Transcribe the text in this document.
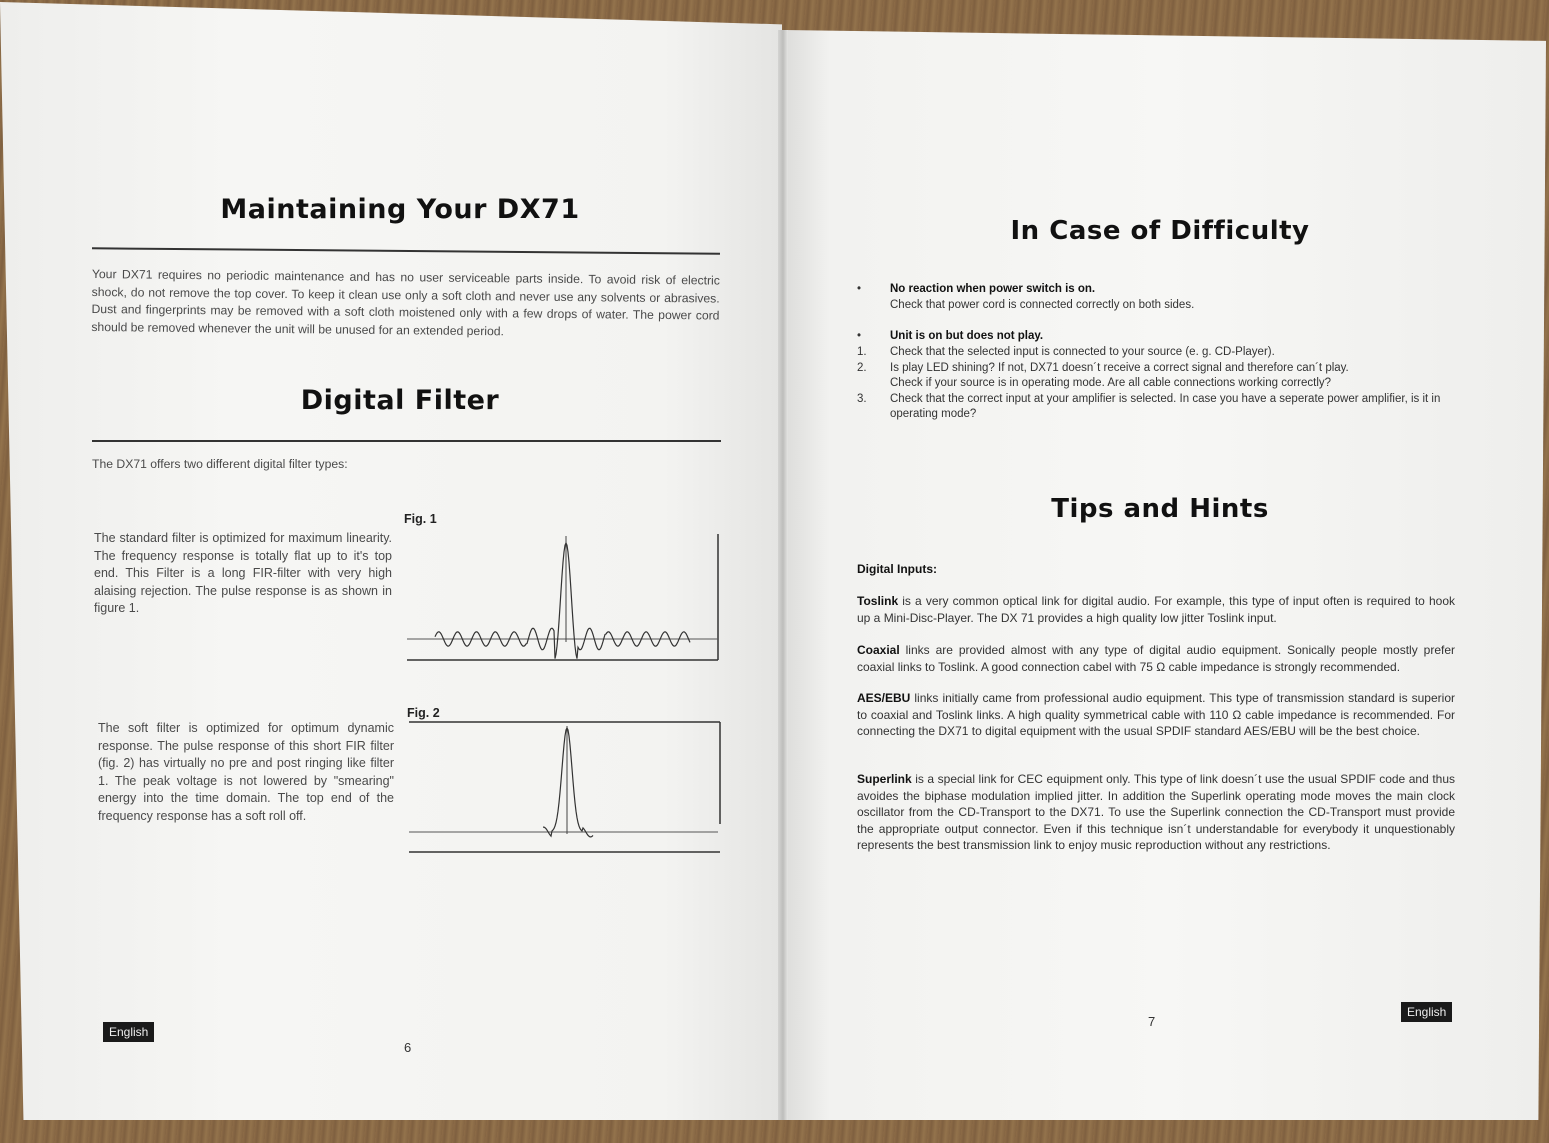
Maintaining Your DX71
Your DX71 requires no periodic maintenance and has no user serviceable parts inside. To avoid risk of electric shock, do not remove the top cover. To keep it clean use only a soft cloth and never use any solvents or abrasives. Dust and fingerprints may be removed with a soft cloth moistened only with a few drops of water. The power cord should be removed whenever the unit will be unused for an extended period.
Digital Filter
The DX71 offers two different digital filter types:
The standard filter is optimized for maximum linearity. The frequency response is totally flat up to it's top end. This Filter is a long FIR-filter with very high alaising rejection. The pulse response is as shown in figure 1.
Fig. 1
The soft filter is optimized for optimum dynamic response. The pulse response of this short FIR filter (fig. 2) has virtually no pre and post ringing like filter 1. The peak voltage is not lowered by "smearing" energy into the time domain. The top end of the frequency response has a soft roll off.
Fig. 2
English
6
In Case of Difficulty
•	No reaction when power switch is on.
Check that power cord is connected correctly on both sides.
•	Unit is on but does not play.
1. Check that the selected input is connected to your source (e. g. CD-Player).
2. Is play LED shining? If not, DX71 doesn´t receive a correct signal and therefore can´t play.
Check if your source is in operating mode. Are all cable connections working correctly?
3. Check that the correct input at your amplifier is selected. In case you have a seperate power amplifier, is it in
operating mode?
Tips and Hints
Digital Inputs:
Toslink is a very common optical link for digital audio. For example, this type of input often is required to hook up a Mini-Disc-Player. The DX 71 provides a high quality low jitter Toslink input.
Coaxial links are provided almost with any type of digital audio equipment. Sonically people mostly prefer coaxial links to Toslink. A good connection cabel with 75 Ω cable impedance is strongly recommended.
AES/EBU links initially came from professional audio equipment. This type of transmission standard is superior to coaxial and Toslink links. A high quality symmetrical cable with 110 Ω cable impedance is recommended. For connecting the DX71 to digital equipment with the usual SPDIF standard AES/EBU will be the best choice.
Superlink is a special link for CEC equipment only. This type of link doesn´t use the usual SPDIF code and thus avoides the biphase modulation implied jitter. In addition the Superlink operating mode moves the main clock oscillator from the CD-Transport to the DX71. To use the Superlink connection the CD-Transport must provide the appropriate output connector. Even if this technique isn´t understandable for everybody it unquestionably represents the best transmission link to enjoy music reproduction without any restrictions.
7
English
